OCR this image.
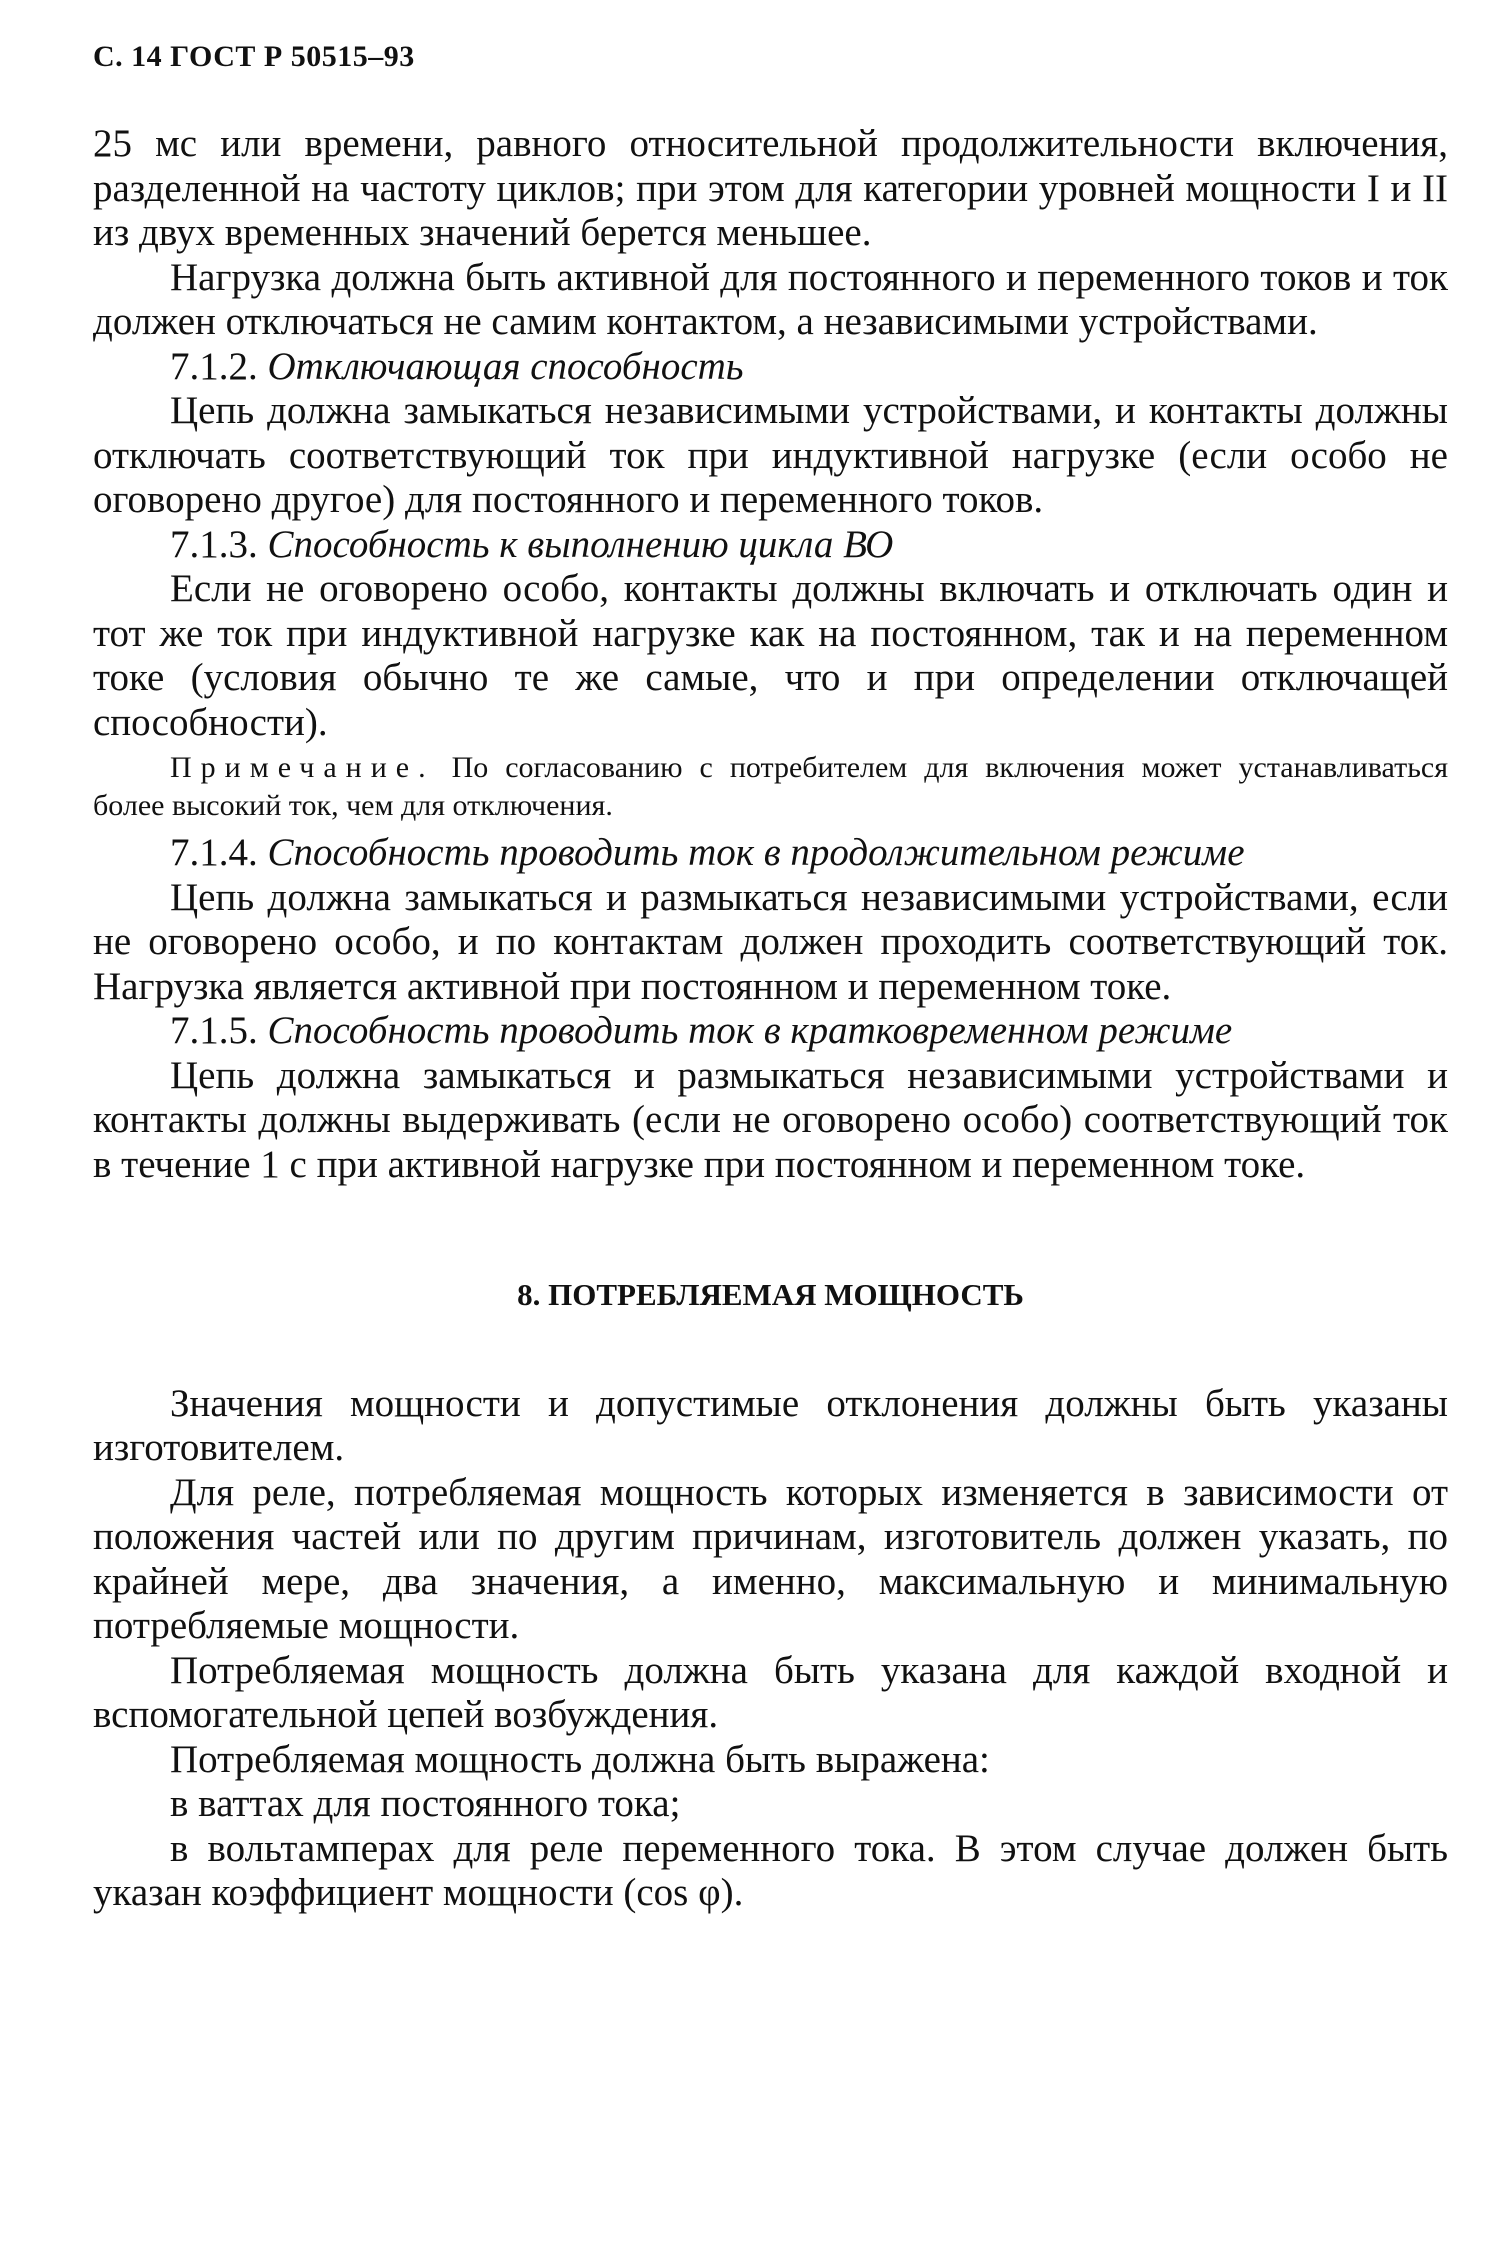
С. 14 ГОСТ Р 50515–93

25 мс или времени, равного относительной продолжительности включения, разделенной на частоту циклов; при этом для категории уровней мощности I и II из двух временных значений берется меньшее.

Нагрузка должна быть активной для постоянного и переменного токов и ток должен отключаться не самим контактом, а независимыми устройствами.

7.1.2. Отключающая способность

Цепь должна замыкаться независимыми устройствами, и контакты должны отключать соответствующий ток при индуктивной нагрузке (если особо не оговорено другое) для постоянного и переменного токов.

7.1.3. Способность к выполнению цикла ВО

Если не оговорено особо, контакты должны включать и отключать один и тот же ток при индуктивной нагрузке как на постоянном, так и на переменном токе (условия обычно те же самые, что и при определении отключащей способности).

Примечание. По согласованию с потребителем для включения может устанавливаться более высокий ток, чем для отключения.

7.1.4. Способность проводить ток в продолжительном режиме

Цепь должна замыкаться и размыкаться независимыми устройствами, если не оговорено особо, и по контактам должен проходить соответствующий ток. Нагрузка является активной при постоянном и переменном токе.

7.1.5. Способность проводить ток в кратковременном режиме

Цепь должна замыкаться и размыкаться независимыми устройствами и контакты должны выдерживать (если не оговорено особо) соответствующий ток в течение 1 с при активной нагрузке при постоянном и переменном токе.

8. ПОТРЕБЛЯЕМАЯ МОЩНОСТЬ

Значения мощности и допустимые отклонения должны быть указаны изготовителем.

Для реле, потребляемая мощность которых изменяется в зависимости от положения частей или по другим причинам, изготовитель должен указать, по крайней мере, два значения, а именно, максимальную и минимальную потребляемые мощности.

Потребляемая мощность должна быть указана для каждой входной и вспомогательной цепей возбуждения.

Потребляемая мощность должна быть выражена:

в ваттах для постоянного тока;

в вольтамперах для реле переменного тока. В этом случае должен быть указан коэффициент мощности (cos φ).
